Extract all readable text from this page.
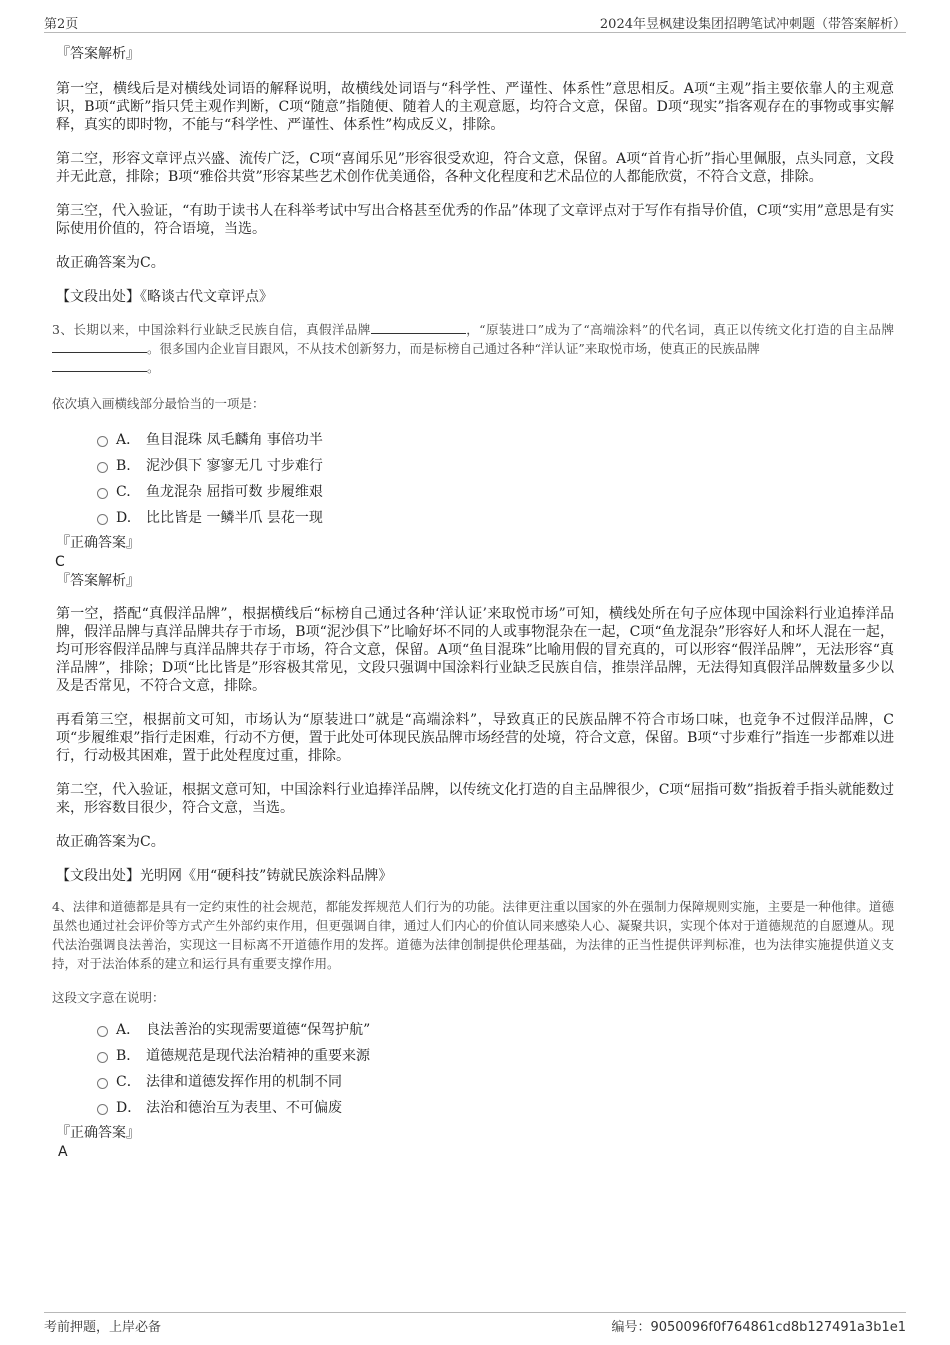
第2页	2024年昱枫建设集团招聘笔试冲刺题（带答案解析）

『答案解析』

第一空，横线后是对横线处词语的解释说明，故横线处词语与“科学性、严谨性、体系性”意思相反。A项“主观”指主要依靠人的主观意识，B项“武断”指只凭主观作判断，C项“随意”指随便、随着人的主观意愿，均符合文意，保留。D项“现实”指客观存在的事物或事实解释，真实的即时物，不能与“科学性、严谨性、体系性”构成反义，排除。

第二空，形容文章评点兴盛、流传广泛，C项“喜闻乐见”形容很受欢迎，符合文意，保留。A项“首肯心折”指心里佩服，点头同意，文段并无此意，排除；B项“雅俗共赏”形容某些艺术创作优美通俗，各种文化程度和艺术品位的人都能欣赏，不符合文意，排除。

第三空，代入验证，“有助于读书人在科举考试中写出合格甚至优秀的作品”体现了文章评点对于写作有指导价值，C项“实用”意思是有实际使用价值的，符合语境，当选。

故正确答案为C。

【文段出处】《略谈古代文章评点》

3、长期以来，中国涂料行业缺乏民族自信，真假洋品牌	，“原装进口”成为了“高端涂料”的代名词，真正以传统文化打造的自主品牌。很多国内企业盲目跟风，不从技术创新努力，而是标榜自己通过各种“洋认证”来取悦市场，使真正的民族品牌
。

依次填入画横线部分最恰当的一项是：

A． 鱼目混珠 凤毛麟角 事倍功半
B. 泥沙俱下 寥寥无几 寸步难行
C. 鱼龙混杂 屈指可数 步履维艰
D. 比比皆是 一鳞半爪 昙花一现

『正确答案』

C

『答案解析』

第一空，搭配“真假洋品牌”，根据横线后“标榜自己通过各种‘洋认证’来取悦市场”可知，横线处所在句子应体现中国涂料行业追捧洋品牌，假洋品牌与真洋品牌共存于市场，B项“泥沙俱下”比喻好坏不同的人或事物混杂在一起，C项“鱼龙混杂”形容好人和坏人混在一起，均可形容假洋品牌与真洋品牌共存于市场，符合文意，保留。A项“鱼目混珠”比喻用假的冒充真的，可以形容“假洋品牌”，无法形容“真洋品牌”，排除；D项“比比皆是”形容极其常见，文段只强调中国涂料行业缺乏民族自信，推崇洋品牌，无法得知真假洋品牌数量多少以及是否常见，不符合文意，排除。

再看第三空，根据前文可知，市场认为“原装进口”就是“高端涂料”，导致真正的民族品牌不符合市场口味，也竞争不过假洋品牌，C项“步履维艰”指行走困难，行动不方便，置于此处可体现民族品牌市场经营的处境，符合文意，保留。B项“寸步难行”指连一步都难以进行，行动极其困难，置于此处程度过重，排除。

第二空，代入验证，根据文意可知，中国涂料行业追捧洋品牌，以传统文化打造的自主品牌很少，C项“屈指可数”指扳着手指头就能数过来，形容数目很少，符合文意，当选。

故正确答案为C。

【文段出处】光明网《用“硬科技”铸就民族涂料品牌》

4、法律和道德都是具有一定约束性的社会规范，都能发挥规范人们行为的功能。法律更注重以国家的外在强制力保障规则实施，主要是一种他律。道德虽然也通过社会评价等方式产生外部约束作用，但更强调自律，通过人们内心的价值认同来感染人心、凝聚共识，实现个体对于道德规范的自愿遵从。现代法治强调良法善治，实现这一目标离不开道德作用的发挥。道德为法律创制提供伦理基础，为法律的正当性提供评判标准，也为法律实施提供道义支持，对于法治体系的建立和运行具有重要支撑作用。

这段文字意在说明：

A． 良法善治的实现需要道德“保驾护航”
B． 道德规范是现代法治精神的重要来源
C． 法律和道德发挥作用的机制不同
D． 法治和德治互为表里、不可偏废

『正确答案』

A

考前押题，上岸必备	编号：9050096f0f764861cd8b127491a3b1e1
